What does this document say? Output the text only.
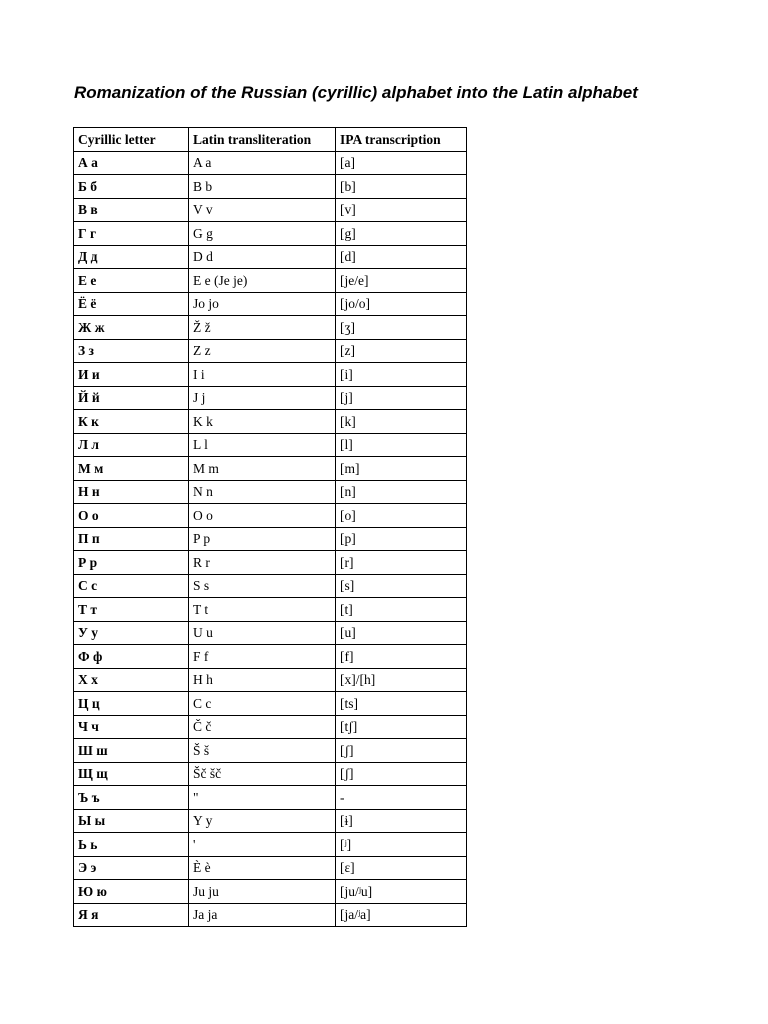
Romanization of the Russian (cyrillic) alphabet into the Latin alphabet
Cyrillic letter	Latin transliteration	IPA transcription
А а	A a	[a]
Б б	B b	[b]
В в	V v	[v]
Г г	G g	[g]
Д д	D d	[d]
Е е	E e (Je je)	[je/e]
Ё ё	Jo jo	[jo/o]
Ж ж	Ž ž	[ʒ]
З з	Z z	[z]
И и	I i	[i]
Й й	J j	[j]
К к	K k	[k]
Л л	L l	[l]
М м	M m	[m]
Н н	N n	[n]
О о	O o	[o]
П п	P p	[p]
Р р	R r	[r]
С с	S s	[s]
Т т	T t	[t]
У у	U u	[u]
Ф ф	F f	[f]
Х х	H h	[x]/[h]
Ц ц	C c	[ts]
Ч ч	Č č	[tʃ]
Ш ш	Š š	[ʃ]
Щ щ	Šč šč	[ʃ]
Ъ ъ	"	-
Ы ы	Y y	[ɨ]
Ь ь	'	[ʲ]
Э э	È è	[ɛ]
Ю ю	Ju ju	[ju/ʲu]
Я я	Ja ja	[ja/ʲa]
